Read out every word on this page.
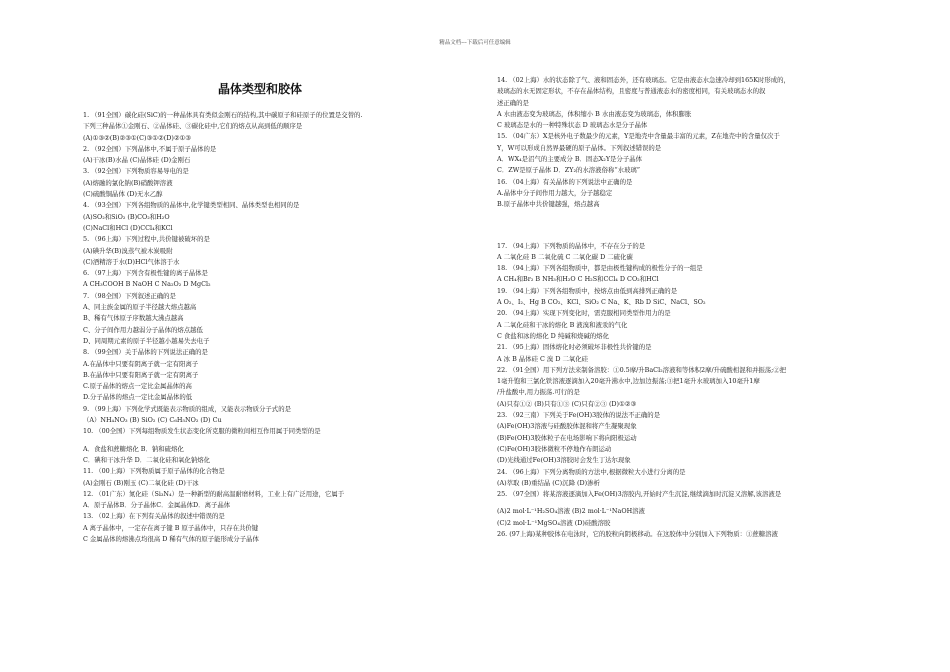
精品文档---下载后可任意编辑
晶体类型和胶体
1. （91全国）碳化硅(SiC)的一种晶体具有类似金刚石的结构,其中碳原子和硅原子的位置是交替的.
下列三种晶体①金刚石、②晶体硅、③碳化硅中,它们的熔点从高到低的顺序是
(A)①③②(B)②③①(C)③①②(D)②①③
2. （92全国）下列晶体中,不属于原子晶体的是
(A)干冰(B)水晶 (C)晶体硅 (D)金刚石
3. （92全国）下列物质容易导电的是
(A)熔融的氯化钠(B)硝酸钾溶液
(C)硫酸铜晶体 (D)无水乙醇
4. （93全国）下列各组物质的晶体中,化学键类型相同、晶体类型也相同的是
(A)SO₂和SiO₂ (B)CO₂和H₂O
(C)NaCl和HCl (D)CCl₄和KCl
5. （96上海）下列过程中,共价键被破坏的是
(A)碘升华(B)溴蒸气被木炭吸附
(C)酒精溶于水(D)HCl气体溶于水
6. （97上海）下列含有极性键的离子晶体是
A CH₃COOH B NaOH C Na₂O₂ D MgCl₂
7. （98全国）下列叙述正确的是
A、同主族金属的原子半径越大熔点越高
B、稀有气体原子序数越大沸点越高
C、分子间作用力越弱分子晶体的熔点越低
D、同周期元素的原子半径越小越易失去电子
8. （99全国）关于晶体的下列说法正确的是
A.在晶体中只要有阴离子就一定有阳离子
B.在晶体中只要有阳离子就一定有阴离子
C.原子晶体的熔点一定比金属晶体的高
D.分子晶体的熔点一定比金属晶体的低
9. （99上海）下列化学式既能表示物质的组成，又能表示物质分子式的是
（A）NH₄NO₃ (B) SiO₂ (C) C₆H₅NO₂ (D) Cu
10. （00全国）下列每组物质发生状态变化所克服的微粒间相互作用属于同类型的是
A．食盐和蔗糖熔化 B．钠和硫熔化
C．碘和干冰升华 D．二氧化硅和氧化钠熔化
11. （00上海）下列物质属于原子晶体的化合物是
(A)金刚石 (B)刚玉 (C)二氧化硅 (D)干冰
12. （01广东）氮化硅（Si₃N₄）是一种新型的耐高温耐磨材料，工业上有广泛用途，它属于
A．原子晶体B．分子晶体C．金属晶体D．离子晶体
13. （02上海）在下列有关晶体的叙述中错误的是
A 离子晶体中，一定存在离子键 B 原子晶体中，只存在共价键
C 金属晶体的熔沸点均很高 D 稀有气体的原子能形成分子晶体
14. （02上海）水的状态除了气、液和固态外，还有玻璃态。它是由液态水急速冷却到165K时形成的，
玻璃态的水无固定形状，不存在晶体结构，且密度与普通液态水的密度相同，有关玻璃态水的叙
述正确的是
A 水由液态变为玻璃态，体积缩小 B 水由液态变为玻璃态，体积膨胀
C 玻璃态是水的一种特殊状态 D 玻璃态水是分子晶体
15. （04广东）X是核外电子数最少的元素，Y是地壳中含量最丰富的元素，Z在地壳中的含量仅次于
Y，W可以形成自然界最硬的原子晶体。下列叙述错误的是
A．WX₄是沼气的主要成分 B．固态X₂Y是分子晶体
C．ZW是原子晶体 D．ZY₂的水溶液俗称“水玻璃”
16. （04上海）有关晶体的下列说法中正确的是
A.晶体中分子间作用力越大，分子越稳定
B.原子晶体中共价键越强，熔点越高
17. （94上海）下列物质的晶体中，不存在分子的是
A 二氧化硅 B 二氧化硫 C 二氧化碳 D 二硫化碳
18. （94上海）下列各组物质中，都是由极性键构成的极性分子的一组是
A CH₄和Br₂ B NH₃和H₂O C H₂S和CCl₄ D CO₂和HCl
19. （94上海）下列各组物质中，按熔点由低到高排列正确的是
A O₂、I₂、Hg B CO₂、KCl、SiO₂ C Na、K、Rb D SiC、NaCl、SO₂
20. （94上海）实现下列变化时，需克服相同类型作用力的是
A 二氧化硅和干冰的熔化 B 液溴和液汞的气化
C 食盐和冰的熔化 D 纯碱和烧碱的熔化
21. （95上海）固体熔化时必须破坏非极性共价键的是
A 冰 B 晶体硅 C 溴 D 二氧化硅
22. （91全国）用下列方法来制备溶胶：①0.5摩/升BaCl₂溶液和等体积2摩/升硫酸相混和并振荡;②把
1毫升饱和三氯化铁溶液逐滴加入20毫升沸水中,边加边振荡;③把1毫升水玻璃加入10毫升1摩
/升盐酸中,用力振荡.可行的是
(A)只有①② (B)只有①③ (C)只有②③ (D)①②③
23. （92三南）下列关于Fe(OH)3胶体的说法不正确的是
(A)Fe(OH)3溶液与硅酸胶体混和将产生凝聚现象
(B)Fe(OH)3胶体粒子在电场影响下将向阳极运动
(C)Fe(OH)3胶体微粒不停地作布朗运动
(D)光线通过Fe(OH)3溶胶时会发生丁达尔现象
24. （96上海）下列分离物质的方法中,根据微粒大小进行分离的是
(A)萃取 (B)重结晶 (C)沉降 (D)渗析
25. （97全国）将某溶液逐滴加入Fe(OH)3溶胶内,开始时产生沉淀,继续滴加时沉淀又溶解,该溶液是
(A)2 mol·L⁻¹H₂SO₄溶液 (B)2 mol·L⁻¹NaOH溶液
(C)2 mol·L⁻¹MgSO₄溶液 (D)硅酸溶胶
26. (97上海)某种胶体在电泳时，它的胶粒向阴极移动。在这胶体中分别加入下列物质：①蔗糖溶液
